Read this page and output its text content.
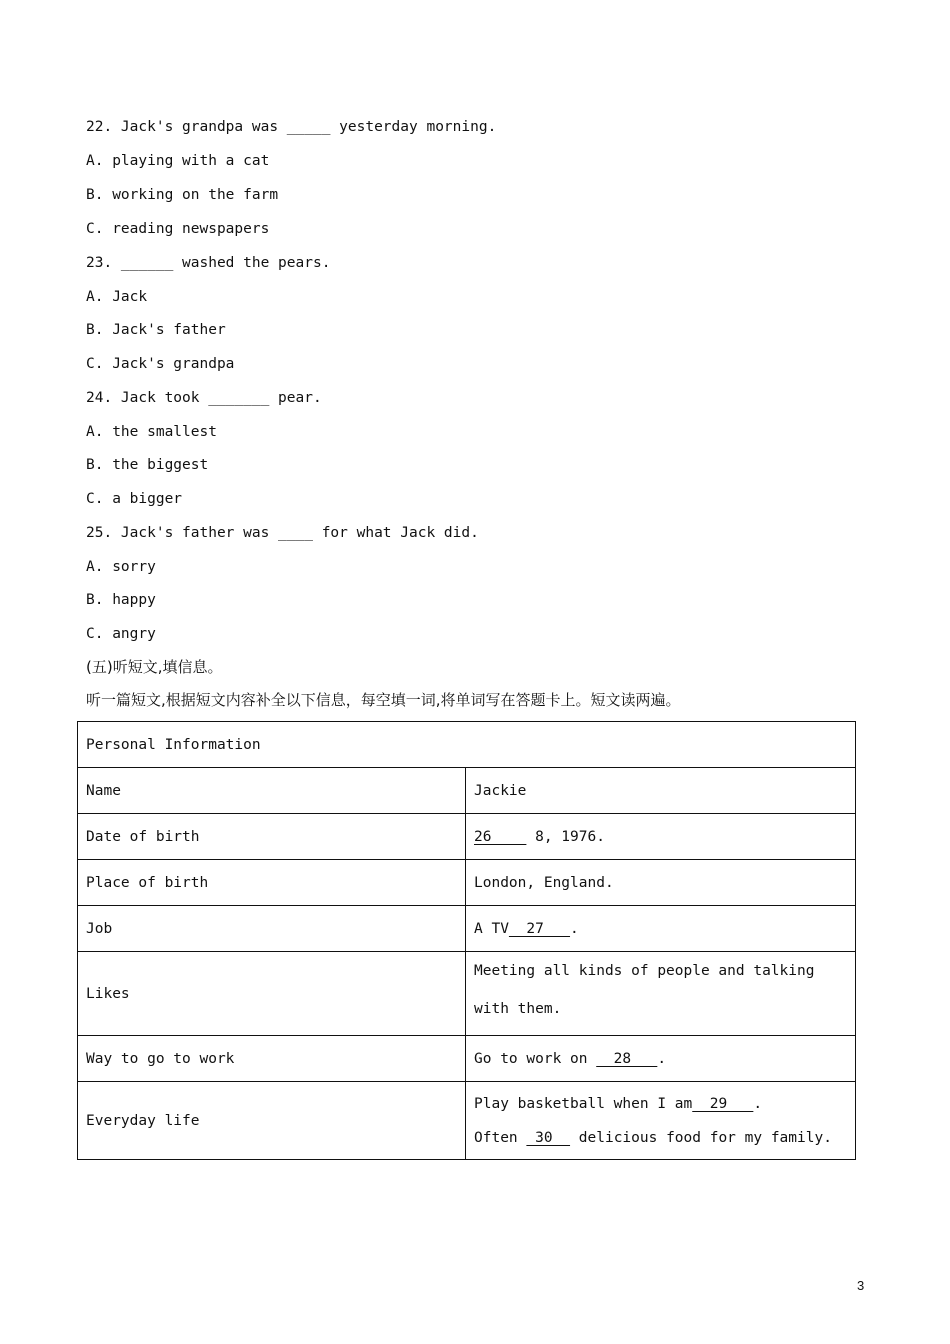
22. Jack's grandpa was _____ yesterday morning.
A. playing with a cat
B. working on the farm
C. reading newspapers
23. ______ washed the pears.
A. Jack
B. Jack's father
C. Jack's grandpa
24. Jack took _______ pear.
A. the smallest
B. the biggest
C. a bigger
25. Jack's father was ____ for what Jack did.
A. sorry
B. happy
C. angry
(五)听短文,填信息。
听一篇短文,根据短文内容补全以下信息，每空填一词,将单词写在答题卡上。短文读两遍。
Personal Information	
Name	Jackie
Date of birth	26     8, 1976.
Place of birth	London, England.
Job	A TV  27   .
Likes	Meeting all kinds of people and talking with them.
Way to go to work	Go to work on   28   .
Everyday life	Play basketball when I am  29   .
Often  30   delicious food for my family.
3
